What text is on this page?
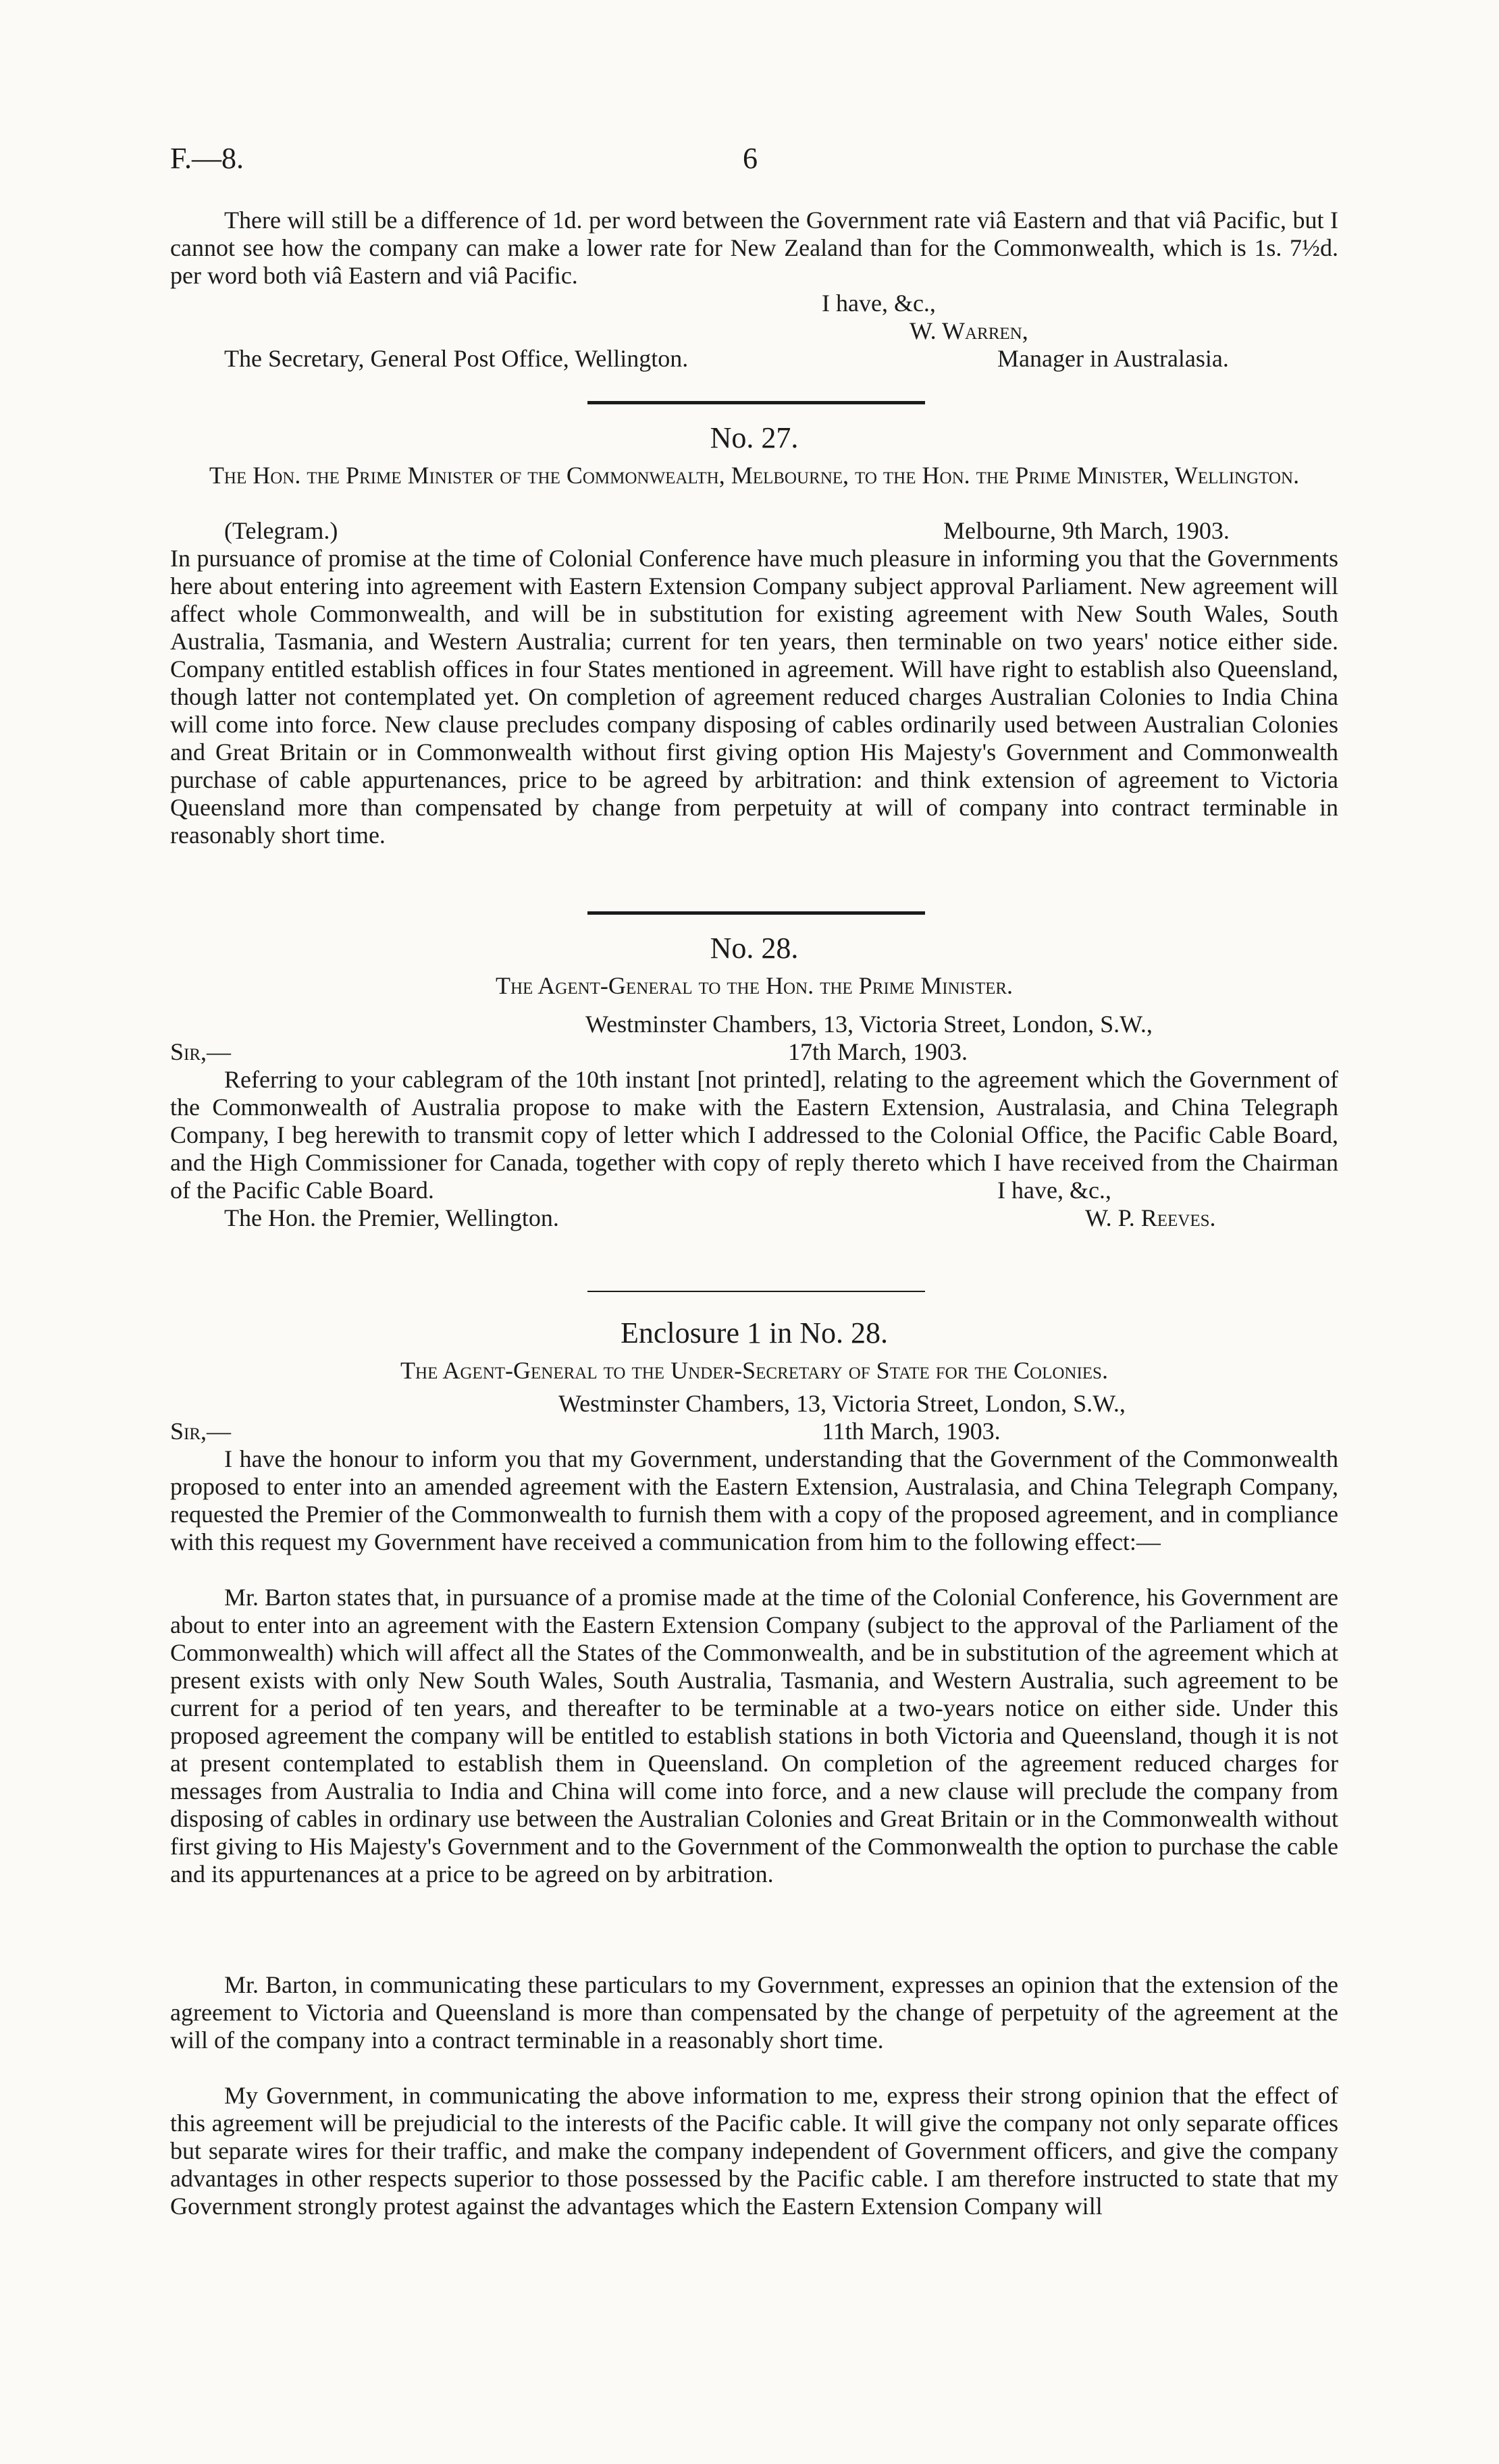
F.—8.	6

There will still be a difference of 1d. per word between the Government rate viâ Eastern and that viâ Pacific, but I cannot see how the company can make a lower rate for New Zealand than for the Commonwealth, which is 1s. 7½d. per word both viâ Eastern and viâ Pacific.

I have, &c.,
W. Warren,
The Secretary, General Post Office, Wellington.	Manager in Australasia.
No. 27.

The Hon. the Prime Minister of the Commonwealth, Melbourne, to the Hon. the Prime Minister, Wellington.

(Telegram.)	Melbourne, 9th March, 1903.

In pursuance of promise at the time of Colonial Conference have much pleasure in informing you that the Governments here about entering into agreement with Eastern Extension Company subject approval Parliament. New agreement will affect whole Commonwealth, and will be in substitution for existing agreement with New South Wales, South Australia, Tasmania, and Western Australia; current for ten years, then terminable on two years' notice either side. Company entitled establish offices in four States mentioned in agreement. Will have right to establish also Queensland, though latter not contemplated yet. On completion of agreement reduced charges Australian Colonies to India China will come into force. New clause precludes company disposing of cables ordinarily used between Australian Colonies and Great Britain or in Commonwealth without first giving option His Majesty's Government and Commonwealth purchase of cable appurtenances, price to be agreed by arbitration: and think extension of agreement to Victoria Queensland more than compensated by change from perpetuity at will of company into contract terminable in reasonably short time.

No. 28.
The Agent-General to the Hon. the Prime Minister.
Westminster Chambers, 13, Victoria Street, London, S.W.,
Sir,—	17th March, 1903.

Referring to your cablegram of the 10th instant [not printed], relating to the agreement which the Government of the Commonwealth of Australia propose to make with the Eastern Extension, Australasia, and China Telegraph Company, I beg herewith to transmit copy of letter which I addressed to the Colonial Office, the Pacific Cable Board, and the High Commissioner for Canada, together with copy of reply thereto which I have received from the Chairman of the Pacific Cable Board.	I have, &c.,
The Hon. the Premier, Wellington.	W. P. Reeves.
Enclosure 1 in No. 28.
The Agent-General to the Under-Secretary of State for the Colonies.
Westminster Chambers, 13, Victoria Street, London, S.W.,
Sir,—	11th March, 1903.

I have the honour to inform you that my Government, understanding that the Government of the Commonwealth proposed to enter into an amended agreement with the Eastern Extension, Australasia, and China Telegraph Company, requested the Premier of the Commonwealth to furnish them with a copy of the proposed agreement, and in compliance with this request my Government have received a communication from him to the following effect:—

Mr. Barton states that, in pursuance of a promise made at the time of the Colonial Conference, his Government are about to enter into an agreement with the Eastern Extension Company (subject to the approval of the Parliament of the Commonwealth) which will affect all the States of the Commonwealth, and be in substitution of the agreement which at present exists with only New South Wales, South Australia, Tasmania, and Western Australia, such agreement to be current for a period of ten years, and thereafter to be terminable at a two-years notice on either side. Under this proposed agreement the company will be entitled to establish stations in both Victoria and Queensland, though it is not at present contemplated to establish them in Queensland. On completion of the agreement reduced charges for messages from Australia to India and China will come into force, and a new clause will preclude the company from disposing of cables in ordinary use between the Australian Colonies and Great Britain or in the Commonwealth without first giving to His Majesty's Government and to the Government of the Commonwealth the option to purchase the cable and its appurtenances at a price to be agreed on by arbitration.

Mr. Barton, in communicating these particulars to my Government, expresses an opinion that the extension of the agreement to Victoria and Queensland is more than compensated by the change of perpetuity of the agreement at the will of the company into a contract terminable in a reasonably short time.

My Government, in communicating the above information to me, express their strong opinion that the effect of this agreement will be prejudicial to the interests of the Pacific cable. It will give the company not only separate offices but separate wires for their traffic, and make the company independent of Government officers, and give the company advantages in other respects superior to those possessed by the Pacific cable. I am therefore instructed to state that my Government strongly protest against the advantages which the Eastern Extension Company will
